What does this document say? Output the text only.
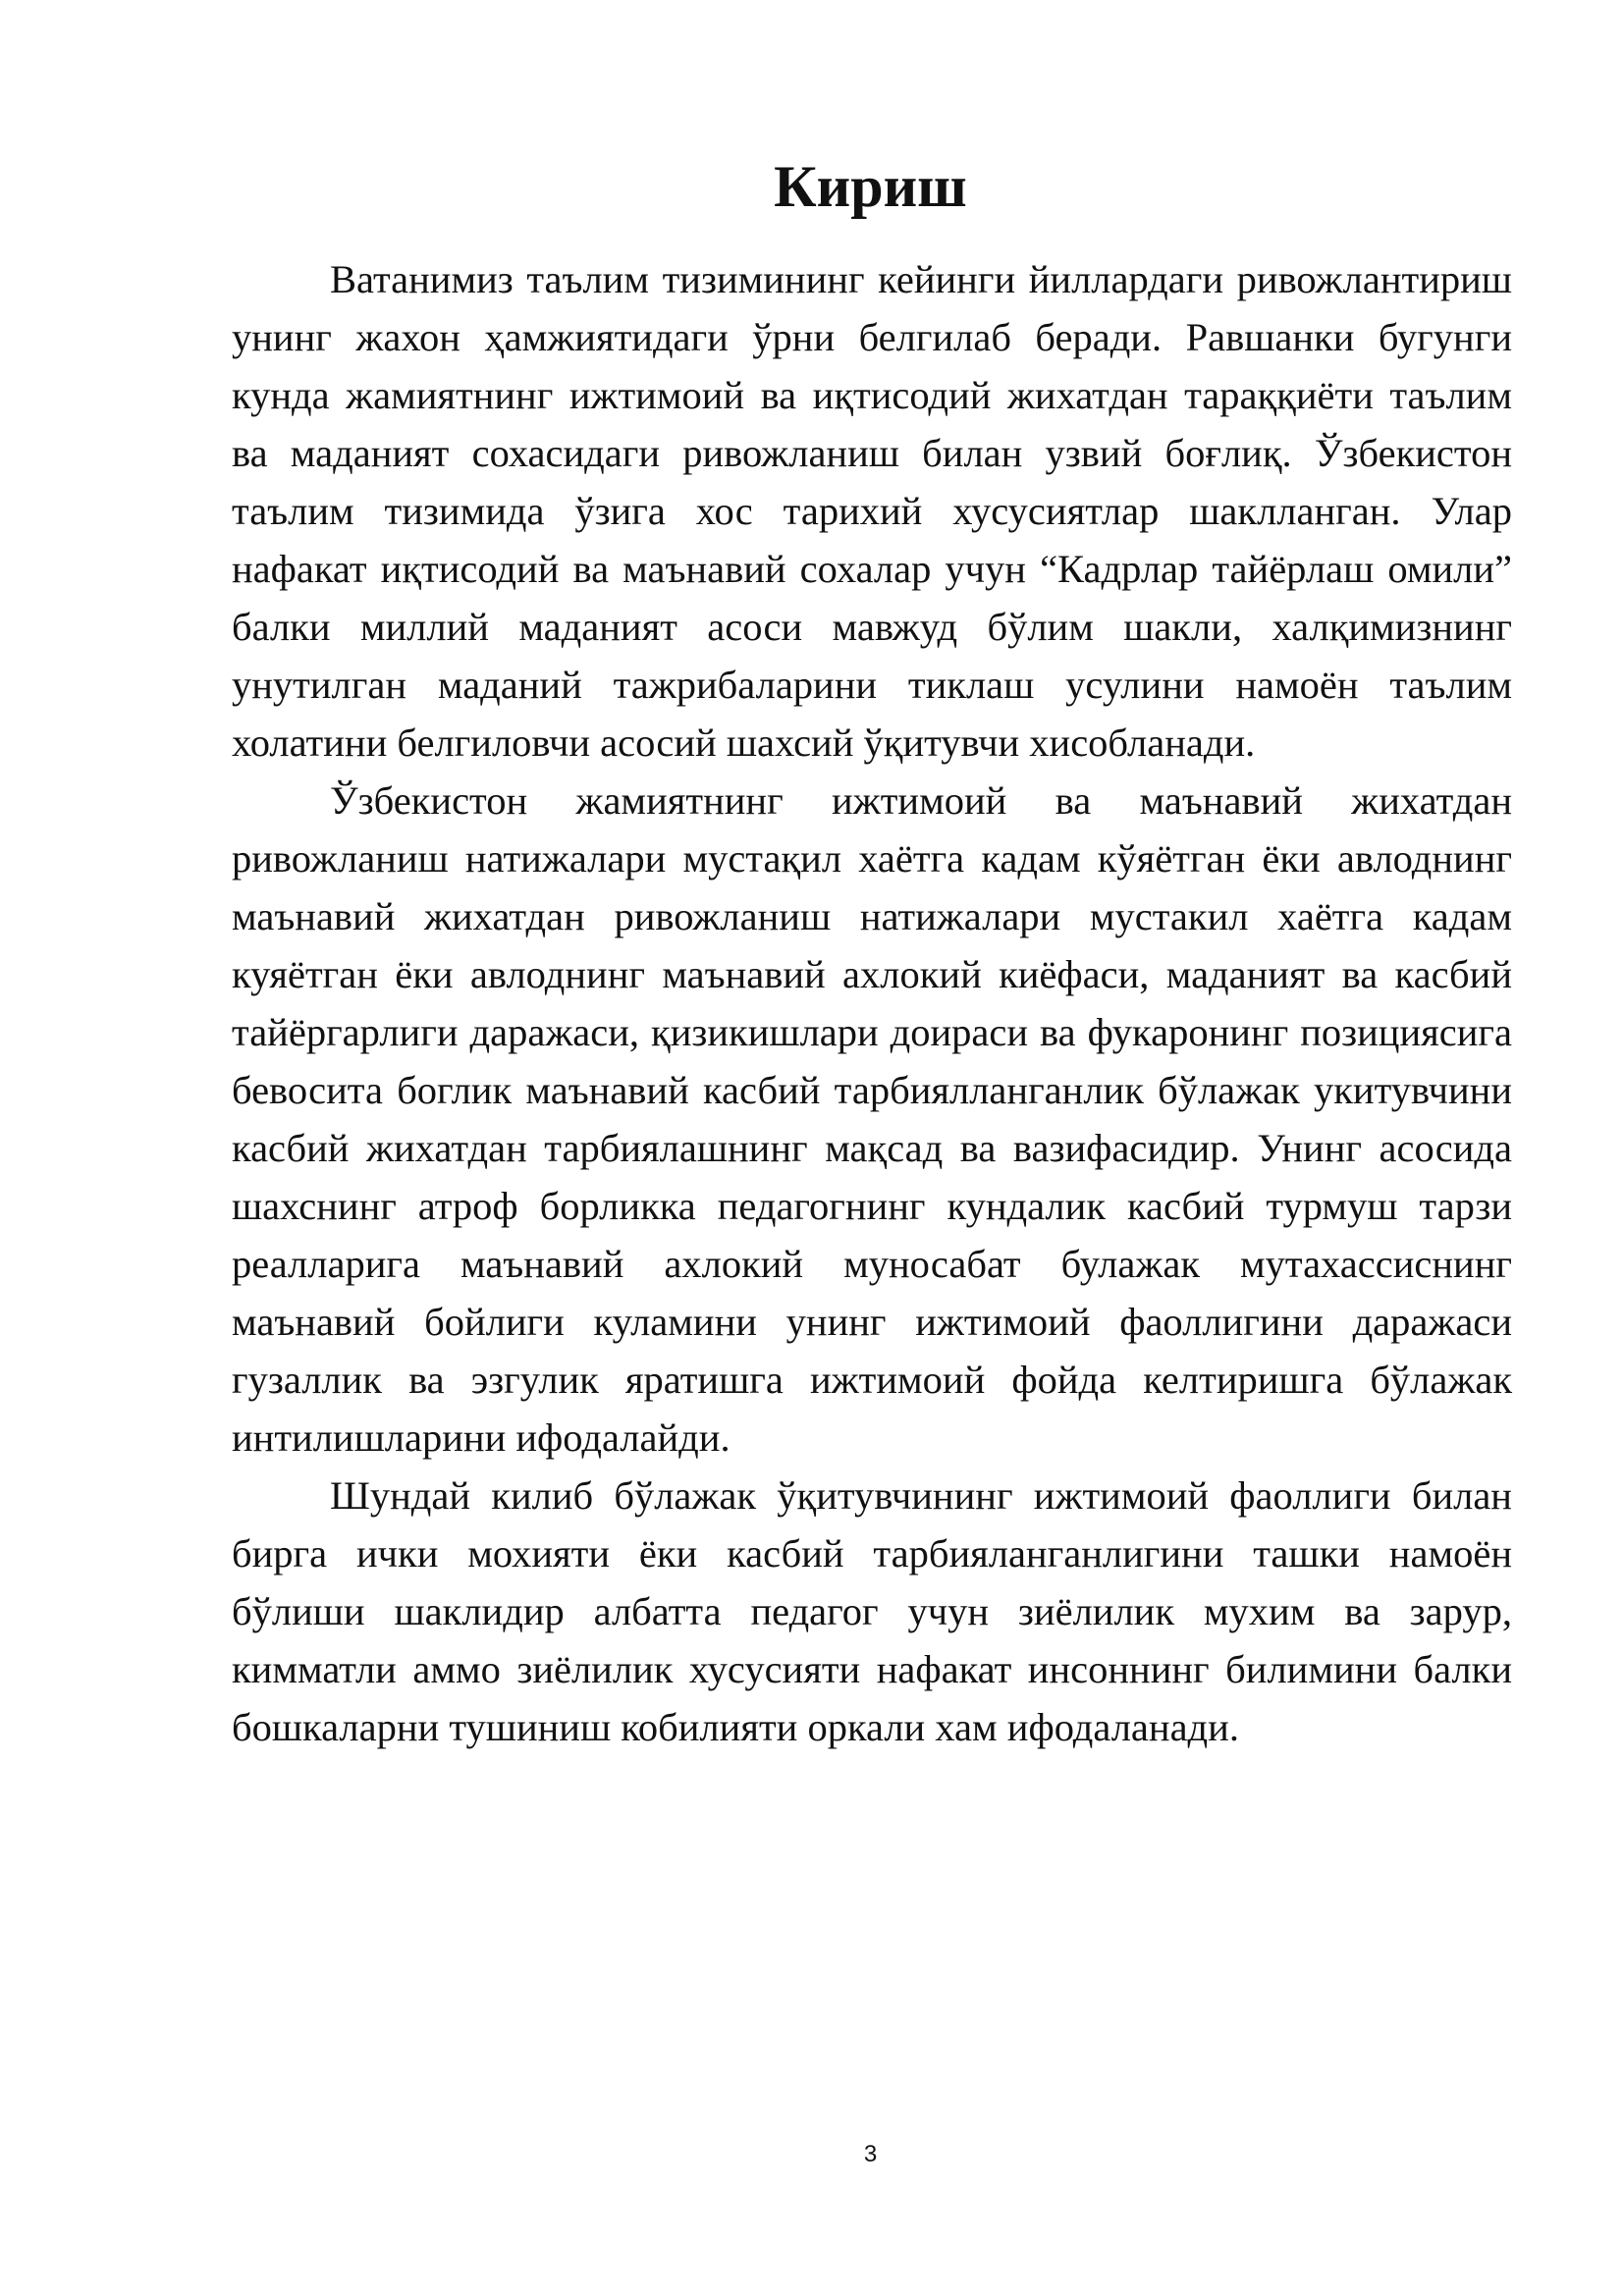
Кириш

Ватанимиз таълим тизимининг кейинги йиллардаги ривожлантириш унинг жахон ҳамжиятидаги ўрни белгилаб беради. Равшанки бугунги кунда жамиятнинг ижтимоий ва иқтисодий жихатдан тараққиёти таълим ва маданият сохасидаги ривожланиш билан узвий боғлиқ. Ўзбекистон таълим тизимида ўзига хос тарихий хусусиятлар шаклланган. Улар нафакат иқтисодий ва маънавий сохалар учун “Кадрлар тайёрлаш омили” балки миллий маданият асоси мавжуд бўлим шакли, халқимизнинг унутилган маданий тажрибаларини тиклаш усулини намоён таълим холатини белгиловчи асосий шахсий ўқитувчи хисобланади.

Ўзбекистон жамиятнинг ижтимоий ва маънавий жихатдан ривожланиш натижалари мустақил хаётга кадам кўяётган ёки авлоднинг маънавий жихатдан ривожланиш натижалари мустакил хаётга кадам куяётган ёки авлоднинг маънавий ахлокий киёфаси, маданият ва касбий тайёргарлиги даражаси, қизикишлари доираси ва фукаронинг позициясига бевосита боглик маънавий касбий тарбиялланганлик бўлажак укитувчини касбий жихатдан тарбиялашнинг мақсад ва вазифасидир. Унинг асосида шахснинг атроф борликка педагогнинг кундалик касбий турмуш тарзи реалларига маънавий ахлокий муносабат булажак мутахассиснинг маънавий бойлиги куламини унинг ижтимоий фаоллигини даражаси гузаллик ва эзгулик яратишга ижтимоий фойда келтиришга бўлажак интилишларини ифодалайди.

Шундай килиб бўлажак ўқитувчининг ижтимоий фаоллиги билан бирга ички мохияти ёки касбий тарбияланганлигини ташки намоён бўлиши шаклидир албатта педагог учун зиёлилик мухим ва зарур, кимматли аммо зиёлилик хусусияти нафакат инсоннинг билимини балки бошкаларни тушиниш кобилияти оркали хам ифодаланади.

3
